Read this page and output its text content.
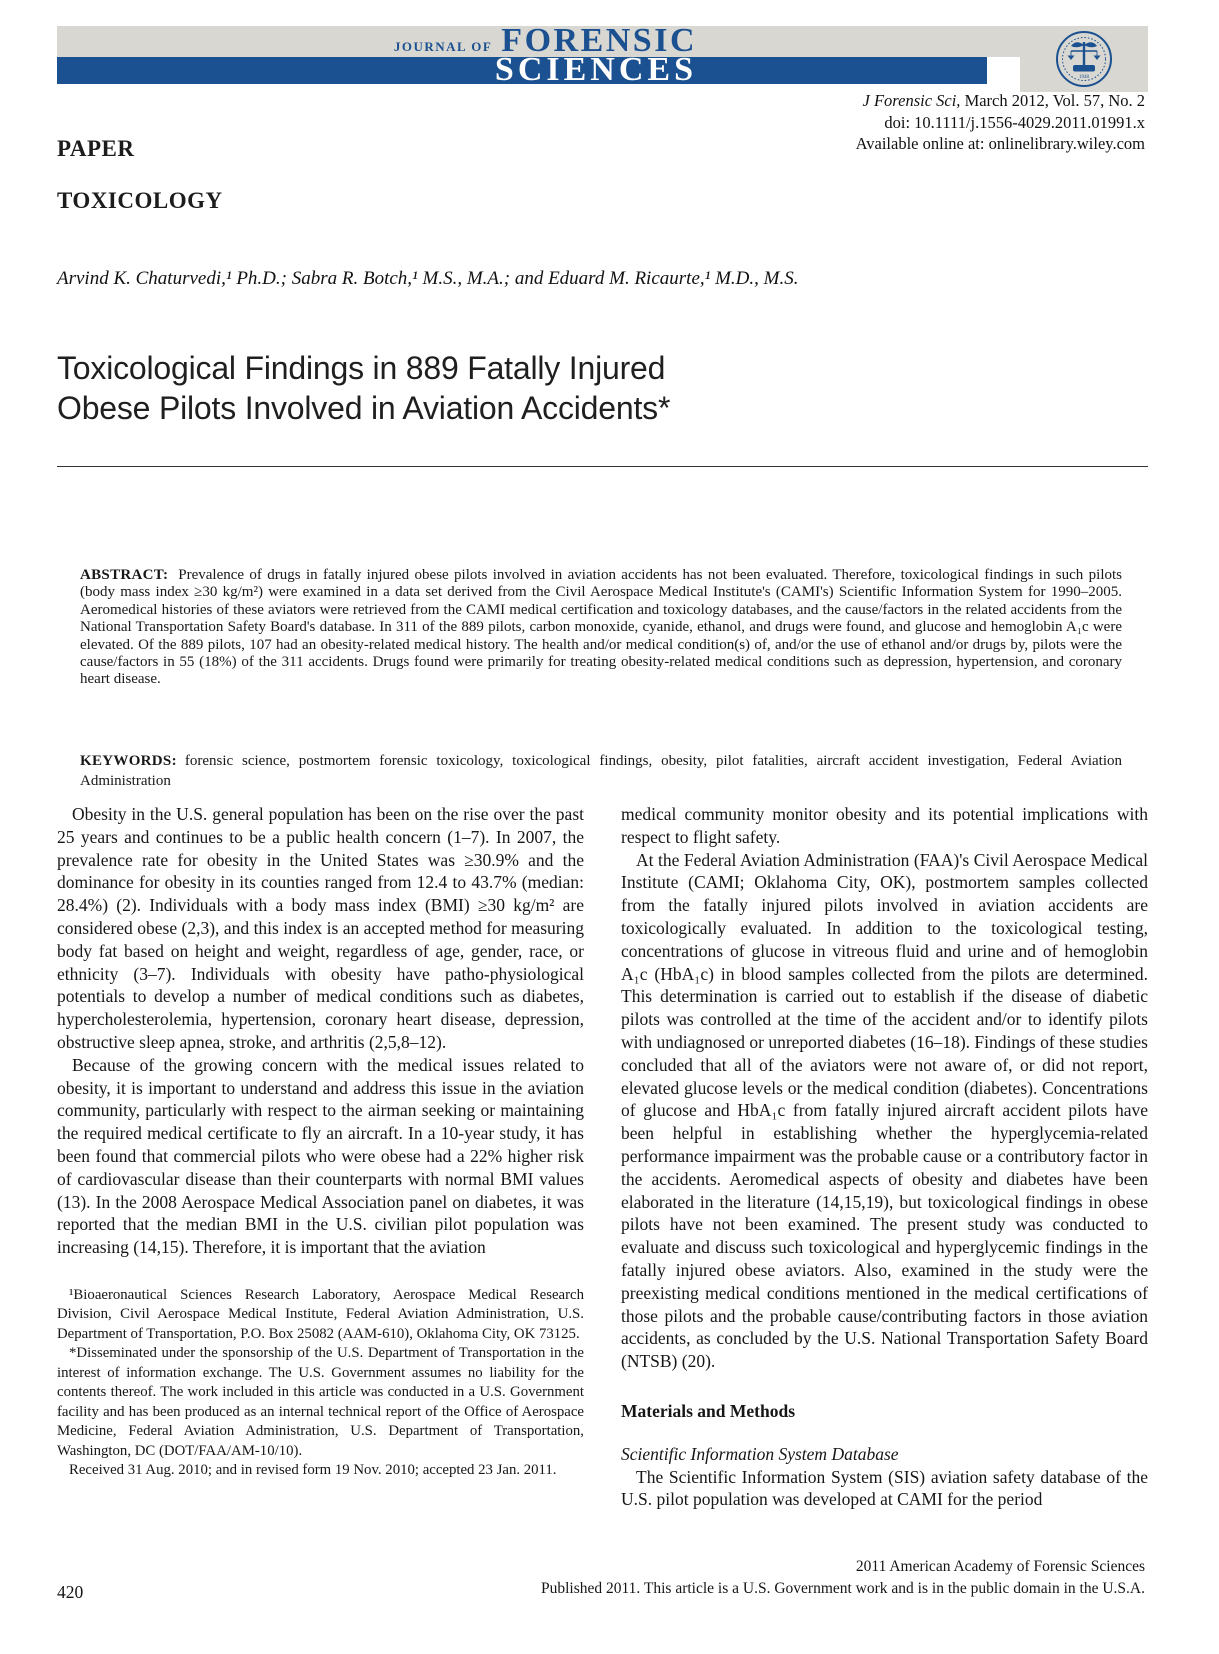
JOURNAL OF FORENSIC
SCIENCES	1948
J Forensic Sci, March 2012, Vol. 57, No. 2
doi: 10.1111/j.1556-4029.2011.01991.x
Available online at: onlinelibrary.wiley.com
PAPER
TOXICOLOGY
Arvind K. Chaturvedi,¹ Ph.D.; Sabra R. Botch,¹ M.S., M.A.; and Eduard M. Ricaurte,¹ M.D., M.S.
Toxicological Findings in 889 Fatally Injured
Obese Pilots Involved in Aviation Accidents*

ABSTRACT: Prevalence of drugs in fatally injured obese pilots involved in aviation accidents has not been evaluated. Therefore, toxicological findings in such pilots (body mass index ≥30 kg/m²) were examined in a data set derived from the Civil Aerospace Medical Institute's (CAMI's) Scientific Information System for 1990–2005. Aeromedical histories of these aviators were retrieved from the CAMI medical certification and toxicology databases, and the cause/factors in the related accidents from the National Transportation Safety Board's database. In 311 of the 889 pilots, carbon monoxide, cyanide, ethanol, and drugs were found, and glucose and hemoglobin A₁c were elevated. Of the 889 pilots, 107 had an obesity-related medical history. The health and/or medical condition(s) of, and/or the use of ethanol and/or drugs by, pilots were the cause/factors in 55 (18%) of the 311 accidents. Drugs found were primarily for treating obesity-related medical conditions such as depression, hypertension, and coronary heart disease.

KEYWORDS: forensic science, postmortem forensic toxicology, toxicological findings, obesity, pilot fatalities, aircraft accident investigation, Federal Aviation Administration

Obesity in the U.S. general population has been on the rise over the past 25 years and continues to be a public health concern (1–7). In 2007, the prevalence rate for obesity in the United States was ≥30.9% and the dominance for obesity in its counties ranged from 12.4 to 43.7% (median: 28.4%) (2). Individuals with a body mass index (BMI) ≥30 kg/m² are considered obese (2,3), and this index is an accepted method for measuring body fat based on height and weight, regardless of age, gender, race, or ethnicity (3–7). Individuals with obesity have patho-physiological potentials to develop a number of medical conditions such as diabetes, hypercholesterolemia, hypertension, coronary heart disease, depression, obstructive sleep apnea, stroke, and arthritis (2,5,8–12).

Because of the growing concern with the medical issues related to obesity, it is important to understand and address this issue in the aviation community, particularly with respect to the airman seeking or maintaining the required medical certificate to fly an aircraft. In a 10-year study, it has been found that commercial pilots who were obese had a 22% higher risk of cardiovascular disease than their counterparts with normal BMI values (13). In the 2008 Aerospace Medical Association panel on diabetes, it was reported that the median BMI in the U.S. civilian pilot population was increasing (14,15). Therefore, it is important that the aviation

¹Bioaeronautical Sciences Research Laboratory, Aerospace Medical Research Division, Civil Aerospace Medical Institute, Federal Aviation Administration, U.S. Department of Transportation, P.O. Box 25082 (AAM-610), Oklahoma City, OK 73125.

*Disseminated under the sponsorship of the U.S. Department of Transportation in the interest of information exchange. The U.S. Government assumes no liability for the contents thereof. The work included in this article was conducted in a U.S. Government facility and has been produced as an internal technical report of the Office of Aerospace Medicine, Federal Aviation Administration, U.S. Department of Transportation, Washington, DC (DOT/FAA/AM-10/10).

Received 31 Aug. 2010; and in revised form 19 Nov. 2010; accepted 23 Jan. 2011.

medical community monitor obesity and its potential implications with respect to flight safety.

At the Federal Aviation Administration (FAA)'s Civil Aerospace Medical Institute (CAMI; Oklahoma City, OK), postmortem samples collected from the fatally injured pilots involved in aviation accidents are toxicologically evaluated. In addition to the toxicological testing, concentrations of glucose in vitreous fluid and urine and of hemoglobin A₁c (HbA₁c) in blood samples collected from the pilots are determined. This determination is carried out to establish if the disease of diabetic pilots was controlled at the time of the accident and/or to identify pilots with undiagnosed or unreported diabetes (16–18). Findings of these studies concluded that all of the aviators were not aware of, or did not report, elevated glucose levels or the medical condition (diabetes). Concentrations of glucose and HbA₁c from fatally injured aircraft accident pilots have been helpful in establishing whether the hyperglycemia-related performance impairment was the probable cause or a contributory factor in the accidents. Aeromedical aspects of obesity and diabetes have been elaborated in the literature (14,15,19), but toxicological findings in obese pilots have not been examined. The present study was conducted to evaluate and discuss such toxicological and hyperglycemic findings in the fatally injured obese aviators. Also, examined in the study were the preexisting medical conditions mentioned in the medical certifications of those pilots and the probable cause/contributing factors in those aviation accidents, as concluded by the U.S. National Transportation Safety Board (NTSB) (20).

Materials and Methods

Scientific Information System Database

The Scientific Information System (SIS) aviation safety database of the U.S. pilot population was developed at CAMI for the period

2011 American Academy of Forensic Sciences
Published 2011. This article is a U.S. Government work and is in the public domain in the U.S.A.
420
